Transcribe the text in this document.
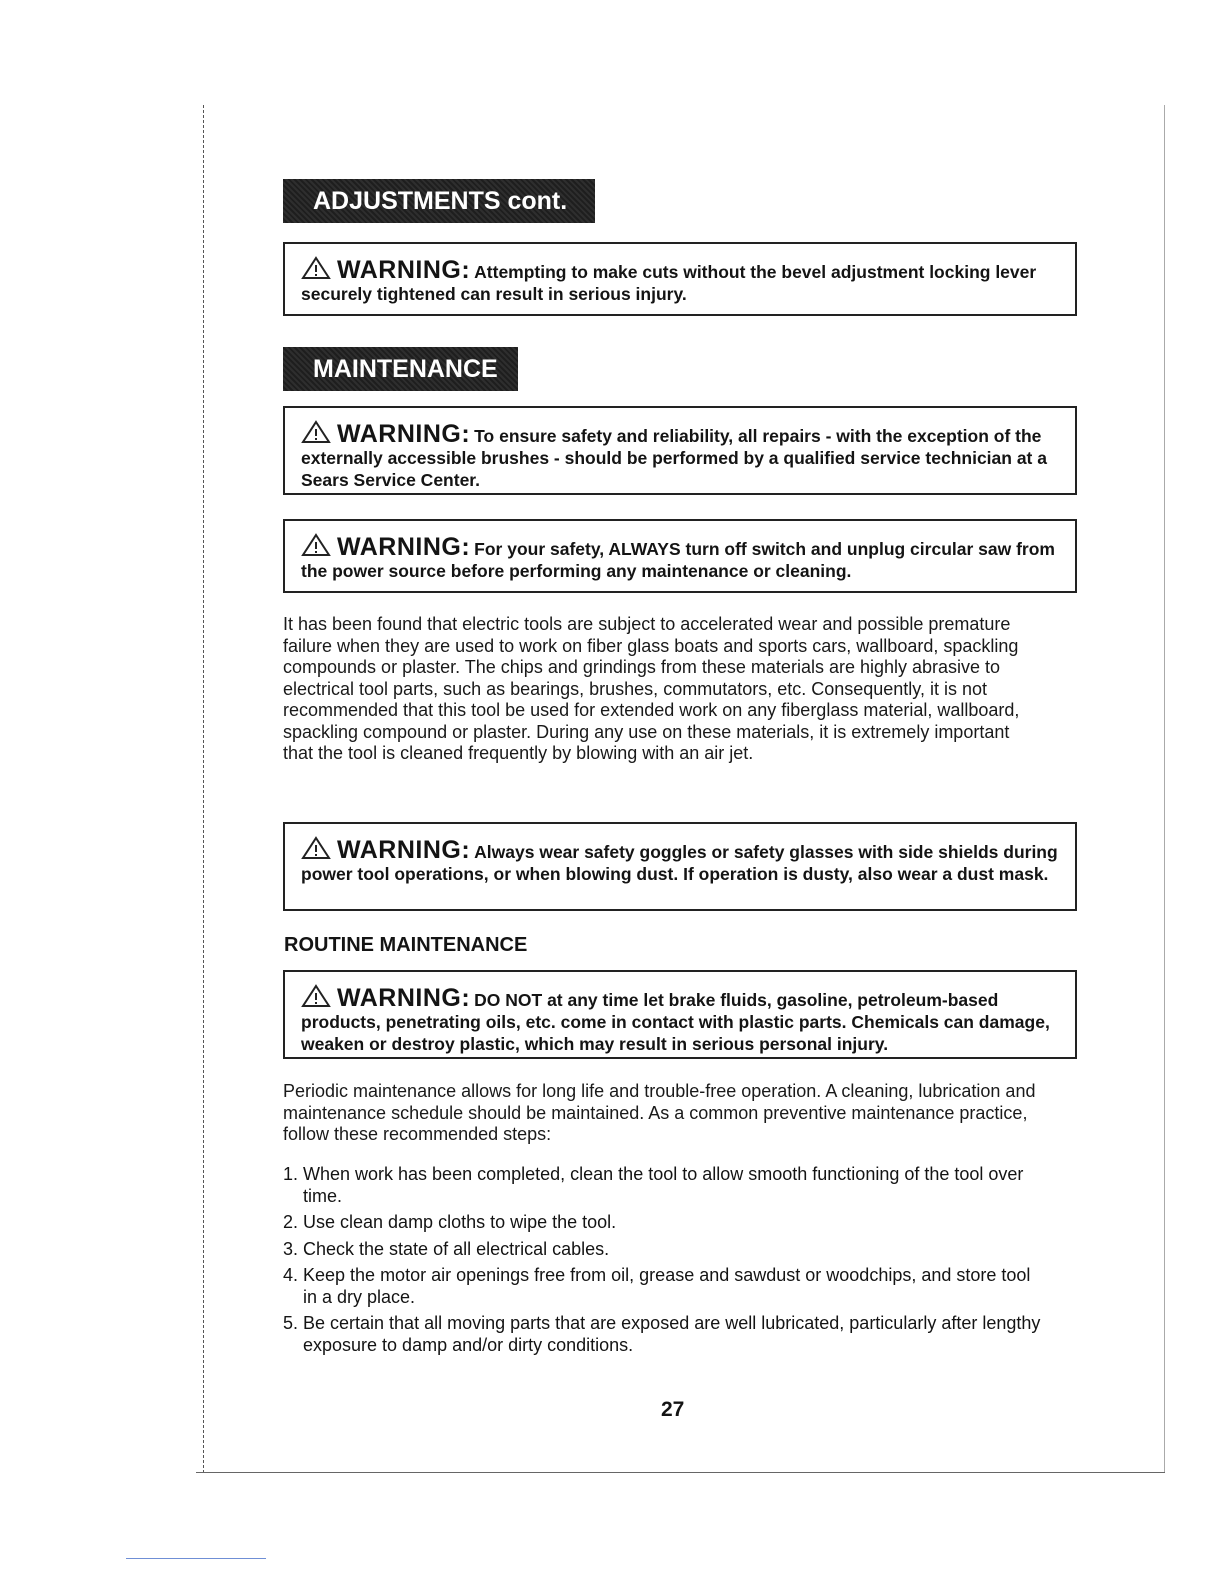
ADJUSTMENTS cont.
WARNING: Attempting to make cuts without the bevel adjustment locking lever securely tightened can result in serious injury.
MAINTENANCE
WARNING: To ensure safety and reliability, all repairs - with the exception of the externally accessible brushes - should be performed by a qualified service technician at a Sears Service Center.
WARNING: For your safety, ALWAYS turn off switch and unplug circular saw from the power source before performing any maintenance or cleaning.
It has been found that electric tools are subject to accelerated wear and possible premature failure when they are used to work on fiber glass boats and sports cars, wallboard, spackling compounds or plaster. The chips and grindings from these materials are highly abrasive to electrical tool parts, such as bearings, brushes, commutators, etc. Consequently, it is not recommended that this tool be used for extended work on any fiberglass material, wallboard, spackling compound or plaster. During any use on these materials, it is extremely important that the tool is cleaned frequently by blowing with an air jet.
WARNING: Always wear safety goggles or safety glasses with side shields during power tool operations, or when blowing dust. If operation is dusty, also wear a dust mask.
ROUTINE MAINTENANCE
WARNING: DO NOT at any time let brake fluids, gasoline, petroleum-based products, penetrating oils, etc. come in contact with plastic parts. Chemicals can damage, weaken or destroy plastic, which may result in serious personal injury.
Periodic maintenance allows for long life and trouble-free operation. A cleaning, lubrication and maintenance schedule should be maintained. As a common preventive maintenance practice, follow these recommended steps:
1. When work has been completed, clean the tool to allow smooth functioning of the tool over time.
2. Use clean damp cloths to wipe the tool.
3. Check the state of all electrical cables.
4. Keep the motor air openings free from oil, grease and sawdust or woodchips, and store tool in a dry place.
5. Be certain that all moving parts that are exposed are well lubricated, particularly after lengthy exposure to damp and/or dirty conditions.
27
